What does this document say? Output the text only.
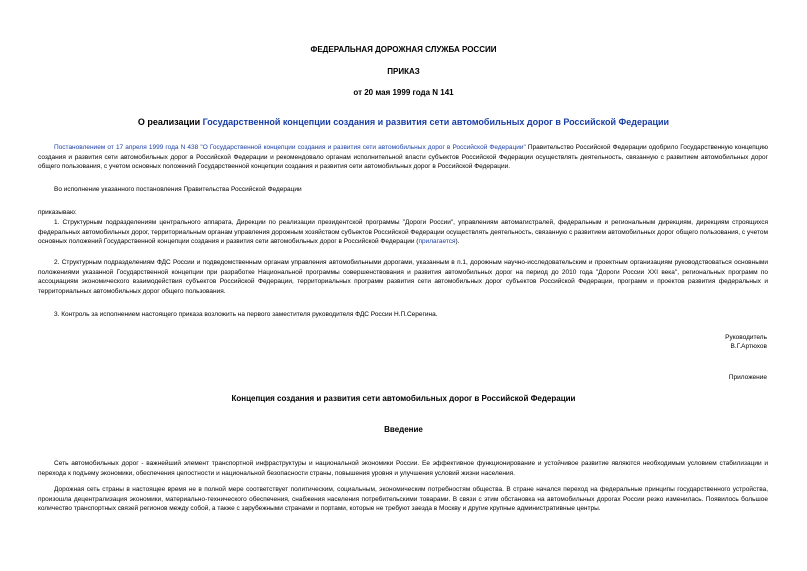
ФЕДЕРАЛЬНАЯ ДОРОЖНАЯ СЛУЖБА РОССИИ
ПРИКАЗ
от 20 мая 1999 года N 141
О реализации Государственной концепции создания и развития сети автомобильных дорог в Российской Федерации
Постановлением от 17 апреля 1999 года N 438 "О Государственной концепции создания и развития сети автомобильных дорог в Российской Федерации" Правительство Российской Федерации одобрило Государственную концепцию создания и развития сети автомобильных дорог в Российской Федерации и рекомендовало органам исполнительной власти субъектов Российской Федерации осуществлять деятельность, связанную с развитием автомобильных дорог общего пользования, с учетом основных положений Государственной концепции создания и развития сети автомобильных дорог в Российской Федерации.
Во исполнение указанного постановления Правительства Российской Федерации
приказываю:
1. Структурным подразделениям центрального аппарата, Дирекции по реализации президентской программы "Дороги России", управлениям автомагистралей, федеральным и региональным дирекциям, дирекциям строящихся федеральных автомобильных дорог, территориальным органам управления дорожным хозяйством субъектов Российской Федерации осуществлять деятельность, связанную с развитием автомобильных дорог общего пользования, с учетом основных положений Государственной концепции создания и развития сети автомобильных дорог в Российской Федерации (прилагается).
2. Структурным подразделениям ФДС России и подведомственным органам управления автомобильными дорогами, указанным в п.1, дорожным научно-исследовательским и проектным организациям руководствоваться основными положениями указанной Государственной концепции при разработке Национальной программы совершенствования и развития автомобильных дорог на период до 2010 года "Дороги России XXI века", региональных программ по ассоциациям экономического взаимодействия субъектов Российской Федерации, территориальных программ развития сети автомобильных дорог субъектов Российской Федерации, программ и проектов развития федеральных и территориальных автомобильных дорог общего пользования.
3. Контроль за исполнением настоящего приказа возложить на первого заместителя руководителя ФДС России Н.П.Серегина.
Руководитель
В.Г.Артюхов
Приложение
Концепция создания и развития сети автомобильных дорог в Российской Федерации
Введение
Сеть автомобильных дорог - важнейший элемент транспортной инфраструктуры и национальной экономики России. Ее эффективное функционирование и устойчивое развитие являются необходимым условием стабилизации и перехода к подъему экономики, обеспечения целостности и национальной безопасности страны, повышения уровня и улучшения условий жизни населения.
Дорожная сеть страны в настоящее время не в полной мере соответствует политическим, социальным, экономическим потребностям общества. В стране начался переход на федеральные принципы государственного устройства, произошла децентрализация экономики, материально-технического обеспечения, снабжения населения потребительскими товарами. В связи с этим обстановка на автомобильных дорогах России резко изменилась. Появилось большое количество транспортных связей регионов между собой, а также с зарубежными странами и портами, которые не требуют заезда в Москву и другие крупные административные центры.
